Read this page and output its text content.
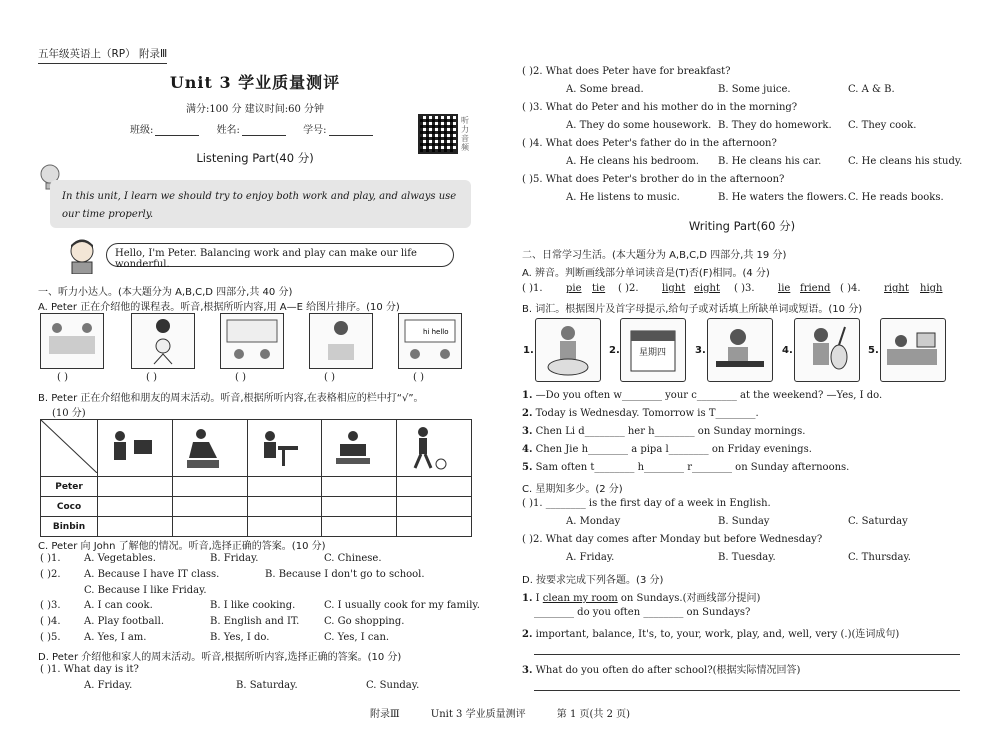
五年级英语上（RP） 附录Ⅲ
Unit 3 学业质量测评
满分:100 分 建议时间:60 分钟
班级:	姓名:	学号:
听力音频
Listening Part(40 分)
In this unit, I learn we should try to enjoy both work and play, and always use our time properly.
Hello, I'm Peter. Balancing work and play can make our life wonderful.
一、听力小达人。(本大题分为 A,B,C,D 四部分,共 40 分)
A. Peter 正在介绍他的课程表。听音,根据所听内容,用 A—E 给图片排序。(10 分)
hi hello
( )	( )	( )	( )	( )
B. Peter 正在介绍他和朋友的周末活动。听音,根据所听内容,在表格相应的栏中打“√”。
(10 分)

Peter					
Coco					
Binbin					
C. Peter 向 John 了解他的情况。听音,选择正确的答案。(10 分)
( )1. A. Vegetables.	B. Friday.	C. Chinese.
( )2. A. Because I have IT class.	B. Because I don't go to school.
C. Because I like Friday.
( )3. A. I can cook.	B. I like cooking.	C. I usually cook for my family.
( )4. A. Play football.	B. English and IT. C. Go shopping.
( )5. A. Yes, I am.	B. Yes, I do.	C. Yes, I can.
D. Peter 介绍他和家人的周末活动。听音,根据所听内容,选择正确的答案。(10 分)
( )1. What day is it?
A. Friday.	B. Saturday.	C. Sunday.
( )2. What does Peter have for breakfast?
A. Some bread.	B. Some juice.	C. A & B.
( )3. What do Peter and his mother do in the morning?
A. They do some housework. B. They do homework. C. They cook.
( )4. What does Peter's father do in the afternoon?
A. He cleans his bedroom. B. He cleans his car.	C. He cleans his study.
( )5. What does Peter's brother do in the afternoon?
A. He listens to music.	B. He waters the flowers. C. He reads books.
Writing Part(60 分)
二、日常学习生活。(本大题分为 A,B,C,D 四部分,共 19 分)
A. 辨音。判断画线部分单词读音是(T)否(F)相同。(4 分)
( )1. pie tie ( )2. light eight ( )3. lie friend ( )4. right high
B. 词汇。根据图片及首字母提示,给句子或对话填上所缺单词或短语。(10 分)
1.	2. 星期四	3.	4.	5.
1. —Do you often w________ your c________ at the weekend? —Yes, I do.
2. Today is Wednesday. Tomorrow is T________.
3. Chen Li d________ her h________ on Sunday mornings.
4. Chen Jie h________ a pipa l________ on Friday evenings.
5. Sam often t________ h________ r________ on Sunday afternoons.
C. 星期知多少。(2 分)
( )1. ________ is the first day of a week in English.
A. Monday	B. Sunday	C. Saturday
( )2. What day comes after Monday but before Wednesday?
A. Friday.	B. Tuesday.	C. Thursday.
D. 按要求完成下列各题。(3 分)
1. I clean my room on Sundays.(对画线部分提问)
________ do you often ________ on Sundays?
2. important, balance, It's, to, your, work, play, and, well, very (.)(连词成句)
3. What do you often do after school?(根据实际情况回答)
附录Ⅲ	Unit 3 学业质量测评	第 1 页(共 2 页)
